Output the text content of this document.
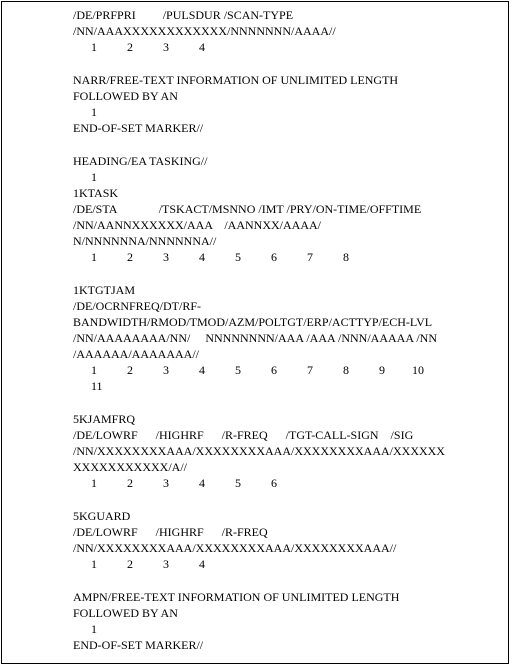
/DE/PRFPRI         /PULSDUR /SCAN-TYPE
/NN/AAAXXXXXXXXXXXX/NNNNNNN/AAAA//
1          2          3          4
NARR/FREE-TEXT INFORMATION OF UNLIMITED LENGTH
FOLLOWED BY AN
1
END-OF-SET MARKER//
HEADING/EA TASKING//
1
1KTASK
/DE/STA              /TSKACT/MSNNO /IMT /PRY/ON-TIME/OFFTIME
/NN/AANNXXXXXX/AAA    /AANNXX/AAAA/
N/NNNNNNA/NNNNNNA//
1          2          3          4          5          6          7          8
1KTGTJAM
/DE/OCRNFREQ/DT/RF-
BANDWIDTH/RMOD/TMOD/AZM/POLTGT/ERP/ACTTYP/ECH-LVL
/NN/AAAAAAAA/NN/     NNNNNNNN/AAA /AAA /NNN/AAAAA /NN
/AAAAAA/AAAAAAA//
1          2          3          4          5          6          7          8          9         10
11
5KJAMFRQ
/DE/LOWRF      /HIGHRF      /R-FREQ      /TGT-CALL-SIGN    /SIG
/NN/XXXXXXXXAAA/XXXXXXXXAAA/XXXXXXXXAAA/XXXXXX
XXXXXXXXXXX/A//
1          2          3          4          5          6
5KGUARD
/DE/LOWRF      /HIGHRF      /R-FREQ
/NN/XXXXXXXXAAA/XXXXXXXXAAA/XXXXXXXXAAA//
1          2          3          4
AMPN/FREE-TEXT INFORMATION OF UNLIMITED LENGTH
FOLLOWED BY AN
1
END-OF-SET MARKER//
